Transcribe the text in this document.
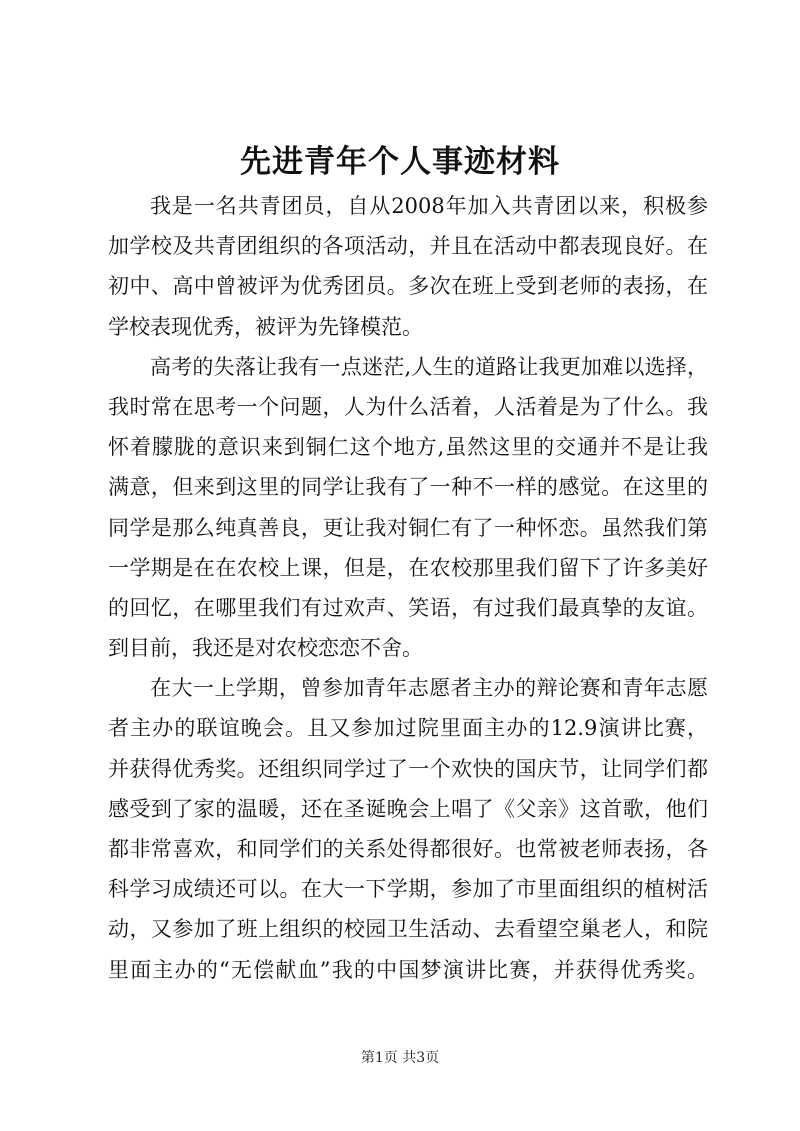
先进青年个人事迹材料
我是一名共青团员，自从2008年加入共青团以来，积极参
加学校及共青团组织的各项活动，并且在活动中都表现良好。在
初中、高中曾被评为优秀团员。多次在班上受到老师的表扬，在
学校表现优秀，被评为先锋模范。
高考的失落让我有一点迷茫,人生的道路让我更加难以选择，
我时常在思考一个问题，人为什么活着，人活着是为了什么。我
怀着朦胧的意识来到铜仁这个地方,虽然这里的交通并不是让我
满意，但来到这里的同学让我有了一种不一样的感觉。在这里的
同学是那么纯真善良，更让我对铜仁有了一种怀恋。虽然我们第
一学期是在在农校上课，但是，在农校那里我们留下了许多美好
的回忆，在哪里我们有过欢声、笑语，有过我们最真挚的友谊。
到目前，我还是对农校恋恋不舍。
在大一上学期，曾参加青年志愿者主办的辩论赛和青年志愿
者主办的联谊晚会。且又参加过院里面主办的12.9演讲比赛，
并获得优秀奖。还组织同学过了一个欢快的国庆节，让同学们都
感受到了家的温暖，还在圣诞晚会上唱了《父亲》这首歌，他们
都非常喜欢，和同学们的关系处得都很好。也常被老师表扬，各
科学习成绩还可以。在大一下学期，参加了市里面组织的植树活
动，又参加了班上组织的校园卫生活动、去看望空巢老人，和院
里面主办的“无偿献血”我的中国梦演讲比赛，并获得优秀奖。
第1页 共3页
